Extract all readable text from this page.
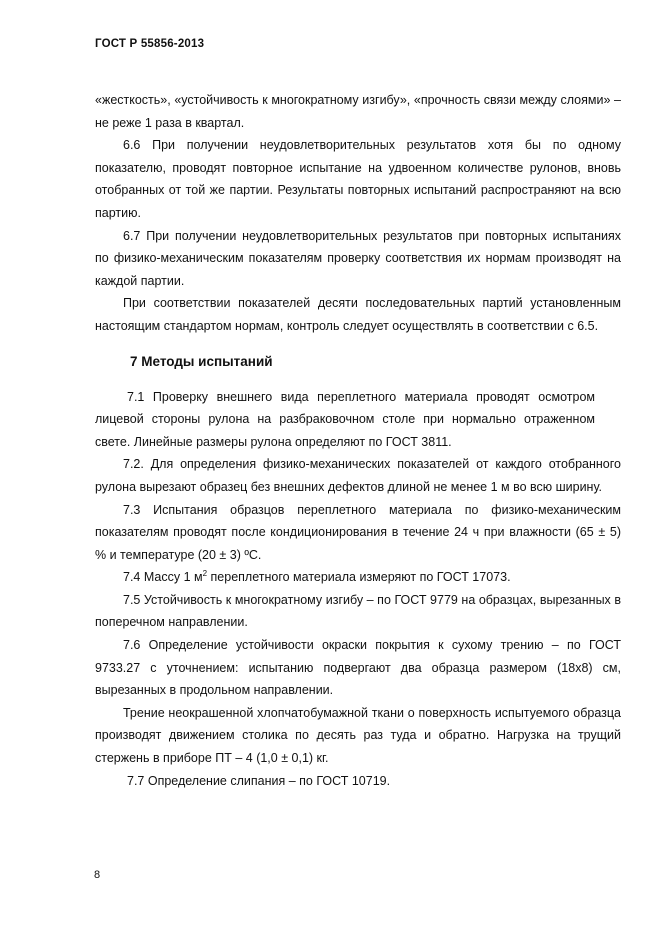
ГОСТ Р 55856-2013

«жесткость», «устойчивость к многократному изгибу», «прочность связи между слоями» – не реже 1 раза в квартал.

6.6 При получении неудовлетворительных результатов хотя бы по одному показателю, проводят повторное испытание на удвоенном количестве рулонов, вновь отобранных от той же партии. Результаты повторных испытаний распространяют на всю партию.

6.7 При получении неудовлетворительных результатов при повторных испытаниях по физико-механическим показателям проверку соответствия их нормам производят на каждой партии.

При соответствии показателей десяти последовательных партий установленным настоящим стандартом нормам, контроль следует осуществлять в соответствии с 6.5.

7 Методы испытаний

7.1 Проверку внешнего вида переплетного материала проводят осмотром лицевой стороны рулона на разбраковочном столе при нормально отраженном свете. Линейные размеры рулона определяют по ГОСТ 3811.

7.2. Для определения физико-механических показателей от каждого отобранного рулона вырезают образец без внешних дефектов длиной не менее 1 м во всю ширину.

7.3 Испытания образцов переплетного материала по физико-механическим показателям проводят после кондиционирования в течение 24 ч при влажности (65 ± 5) % и температуре (20 ± 3) ºС.

7.4 Массу 1 $м^2$ переплетного материала измеряют по ГОСТ 17073.

7.5 Устойчивость к многократному изгибу – по ГОСТ 9779 на образцах, вырезанных в поперечном направлении.

7.6 Определение устойчивости окраски покрытия к сухому трению – по ГОСТ 9733.27 с уточнением: испытанию подвергают два образца размером (18x8) см, вырезанных в продольном направлении.

Трение неокрашенной хлопчатобумажной ткани о поверхность испытуемого образца производят движением столика по десять раз туда и обратно. Нагрузка на трущий стержень в приборе ПТ – 4 (1,0 ± 0,1) кг.

7.7 Определение слипания – по ГОСТ 10719.

8
